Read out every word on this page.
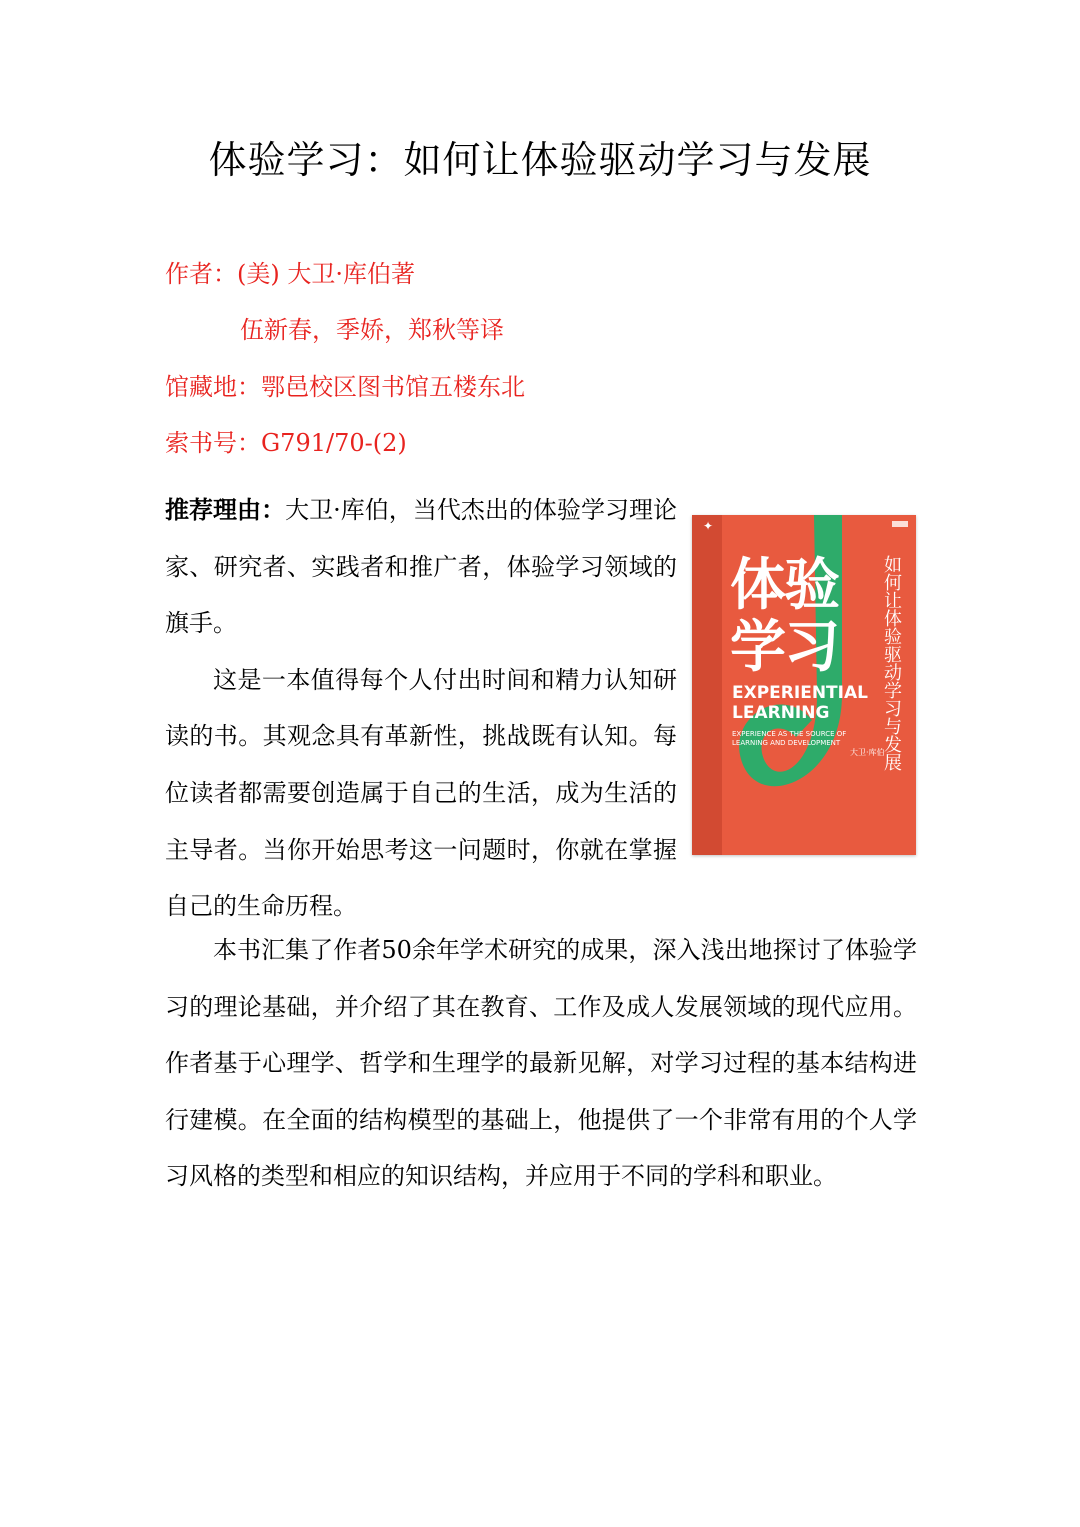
体验学习：如何让体验驱动学习与发展
作者：(美) 大卫·库伯著
伍新春，季娇，郑秋等译
馆藏地：鄂邑校区图书馆五楼东北
索书号：G791/70-(2)

推荐理由：大卫·库伯，当代杰出的体验学习理论家、研究者、实践者和推广者，体验学习领域的旗手。

这是一本值得每个人付出时间和精力认知研读的书。其观念具有革新性，挑战既有认知。每位读者都需要创造属于自己的生活，成为生活的主导者。当你开始思考这一问题时，你就在掌握自己的生命历程。

本书汇集了作者50余年学术研究的成果，深入浅出地探讨了体验学习的理论基础，并介绍了其在教育、工作及成人发展领域的现代应用。作者基于心理学、哲学和生理学的最新见解，对学习过程的基本结构进行建模。在全面的结构模型的基础上，他提供了一个非常有用的个人学习风格的类型和相应的知识结构，并应用于不同的学科和职业。
✦
体验学习	如何让体验驱动学习与发展
EXPERIENTIAL LEARNING
EXPERIENCE AS THE SOURCE OF LEARNING AND DEVELOPMENT
大卫·库伯
